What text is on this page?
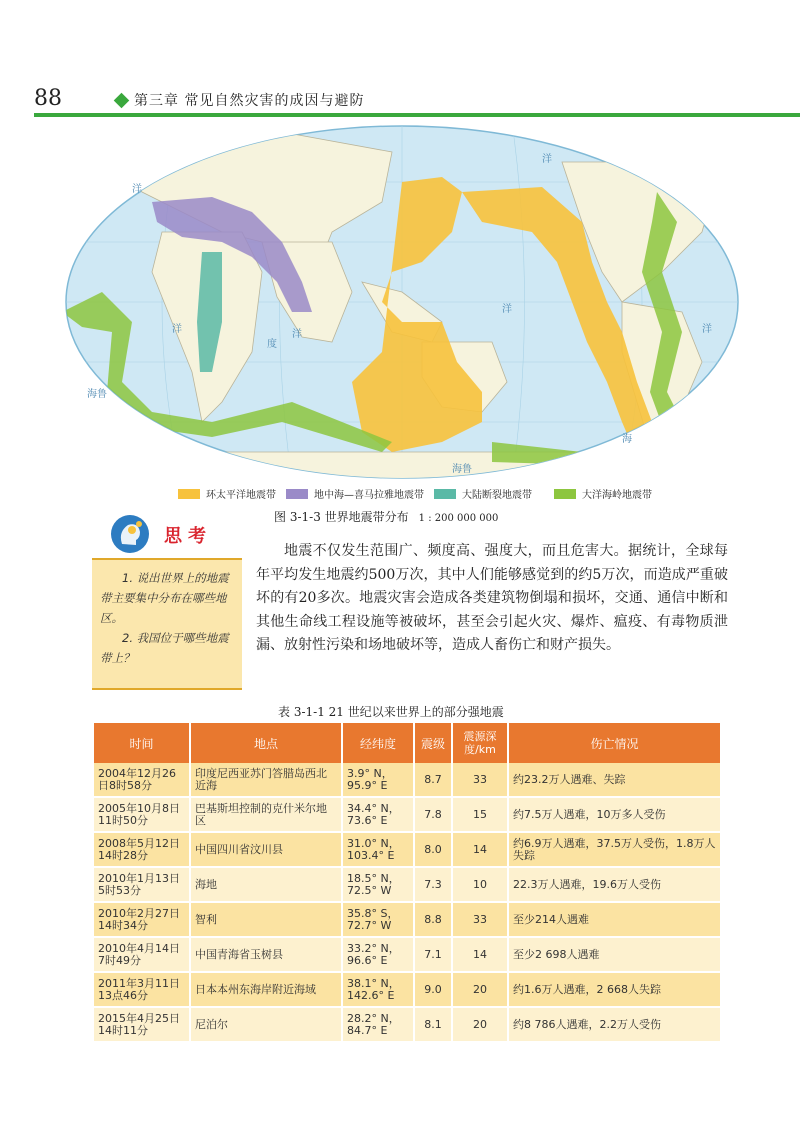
88	第三章 常见自然灾害的成因与避防
洋
洋
洋
洋
洋
度
洋
海
海鲁
海鲁
环太平洋地震带	地中海—喜马拉雅地震带	大陆断裂地震带	大洋海岭地震带
图 3-1-3 世界地震带分布 1 : 200 000 000
思考
1. 说出世界上的地震带主要集中分布在哪些地区。
2. 我国位于哪些地震带上？
地震不仅发生范围广、频度高、强度大，而且危害大。据统计，全球每年平均发生地震约500万次，其中人们能够感觉到的约5万次，而造成严重破坏的有20多次。地震灾害会造成各类建筑物倒塌和损坏，交通、通信中断和其他生命线工程设施等被破坏，甚至会引起火灾、爆炸、瘟疫、有毒物质泄漏、放射性污染和场地破坏等，造成人畜伤亡和财产损失。
表 3-1-1 21 世纪以来世界上的部分强地震
时间	地点	经纬度	震级	震源深度/km	伤亡情况
2004年12月26日8时58分	印度尼西亚苏门答腊岛西北近海	3.9° N，95.9° E	8.7	33	约23.2万人遇难、失踪
2005年10月8日11时50分	巴基斯坦控制的克什米尔地区	34.4° N，73.6° E	7.8	15	约7.5万人遇难，10万多人受伤
2008年5月12日14时28分	中国四川省汶川县	31.0° N，103.4° E	8.0	14	约6.9万人遇难，37.5万人受伤，1.8万人失踪
2010年1月13日5时53分	海地	18.5° N，72.5° W	7.3	10	22.3万人遇难，19.6万人受伤
2010年2月27日14时34分	智利	35.8° S，72.7° W	8.8	33	至少214人遇难
2010年4月14日7时49分	中国青海省玉树县	33.2° N，96.6° E	7.1	14	至少2 698人遇难
2011年3月11日13点46分	日本本州东海岸附近海域	38.1° N，142.6° E	9.0	20	约1.6万人遇难，2 668人失踪
2015年4月25日14时11分	尼泊尔	28.2° N，84.7° E	8.1	20	约8 786人遇难，2.2万人受伤
